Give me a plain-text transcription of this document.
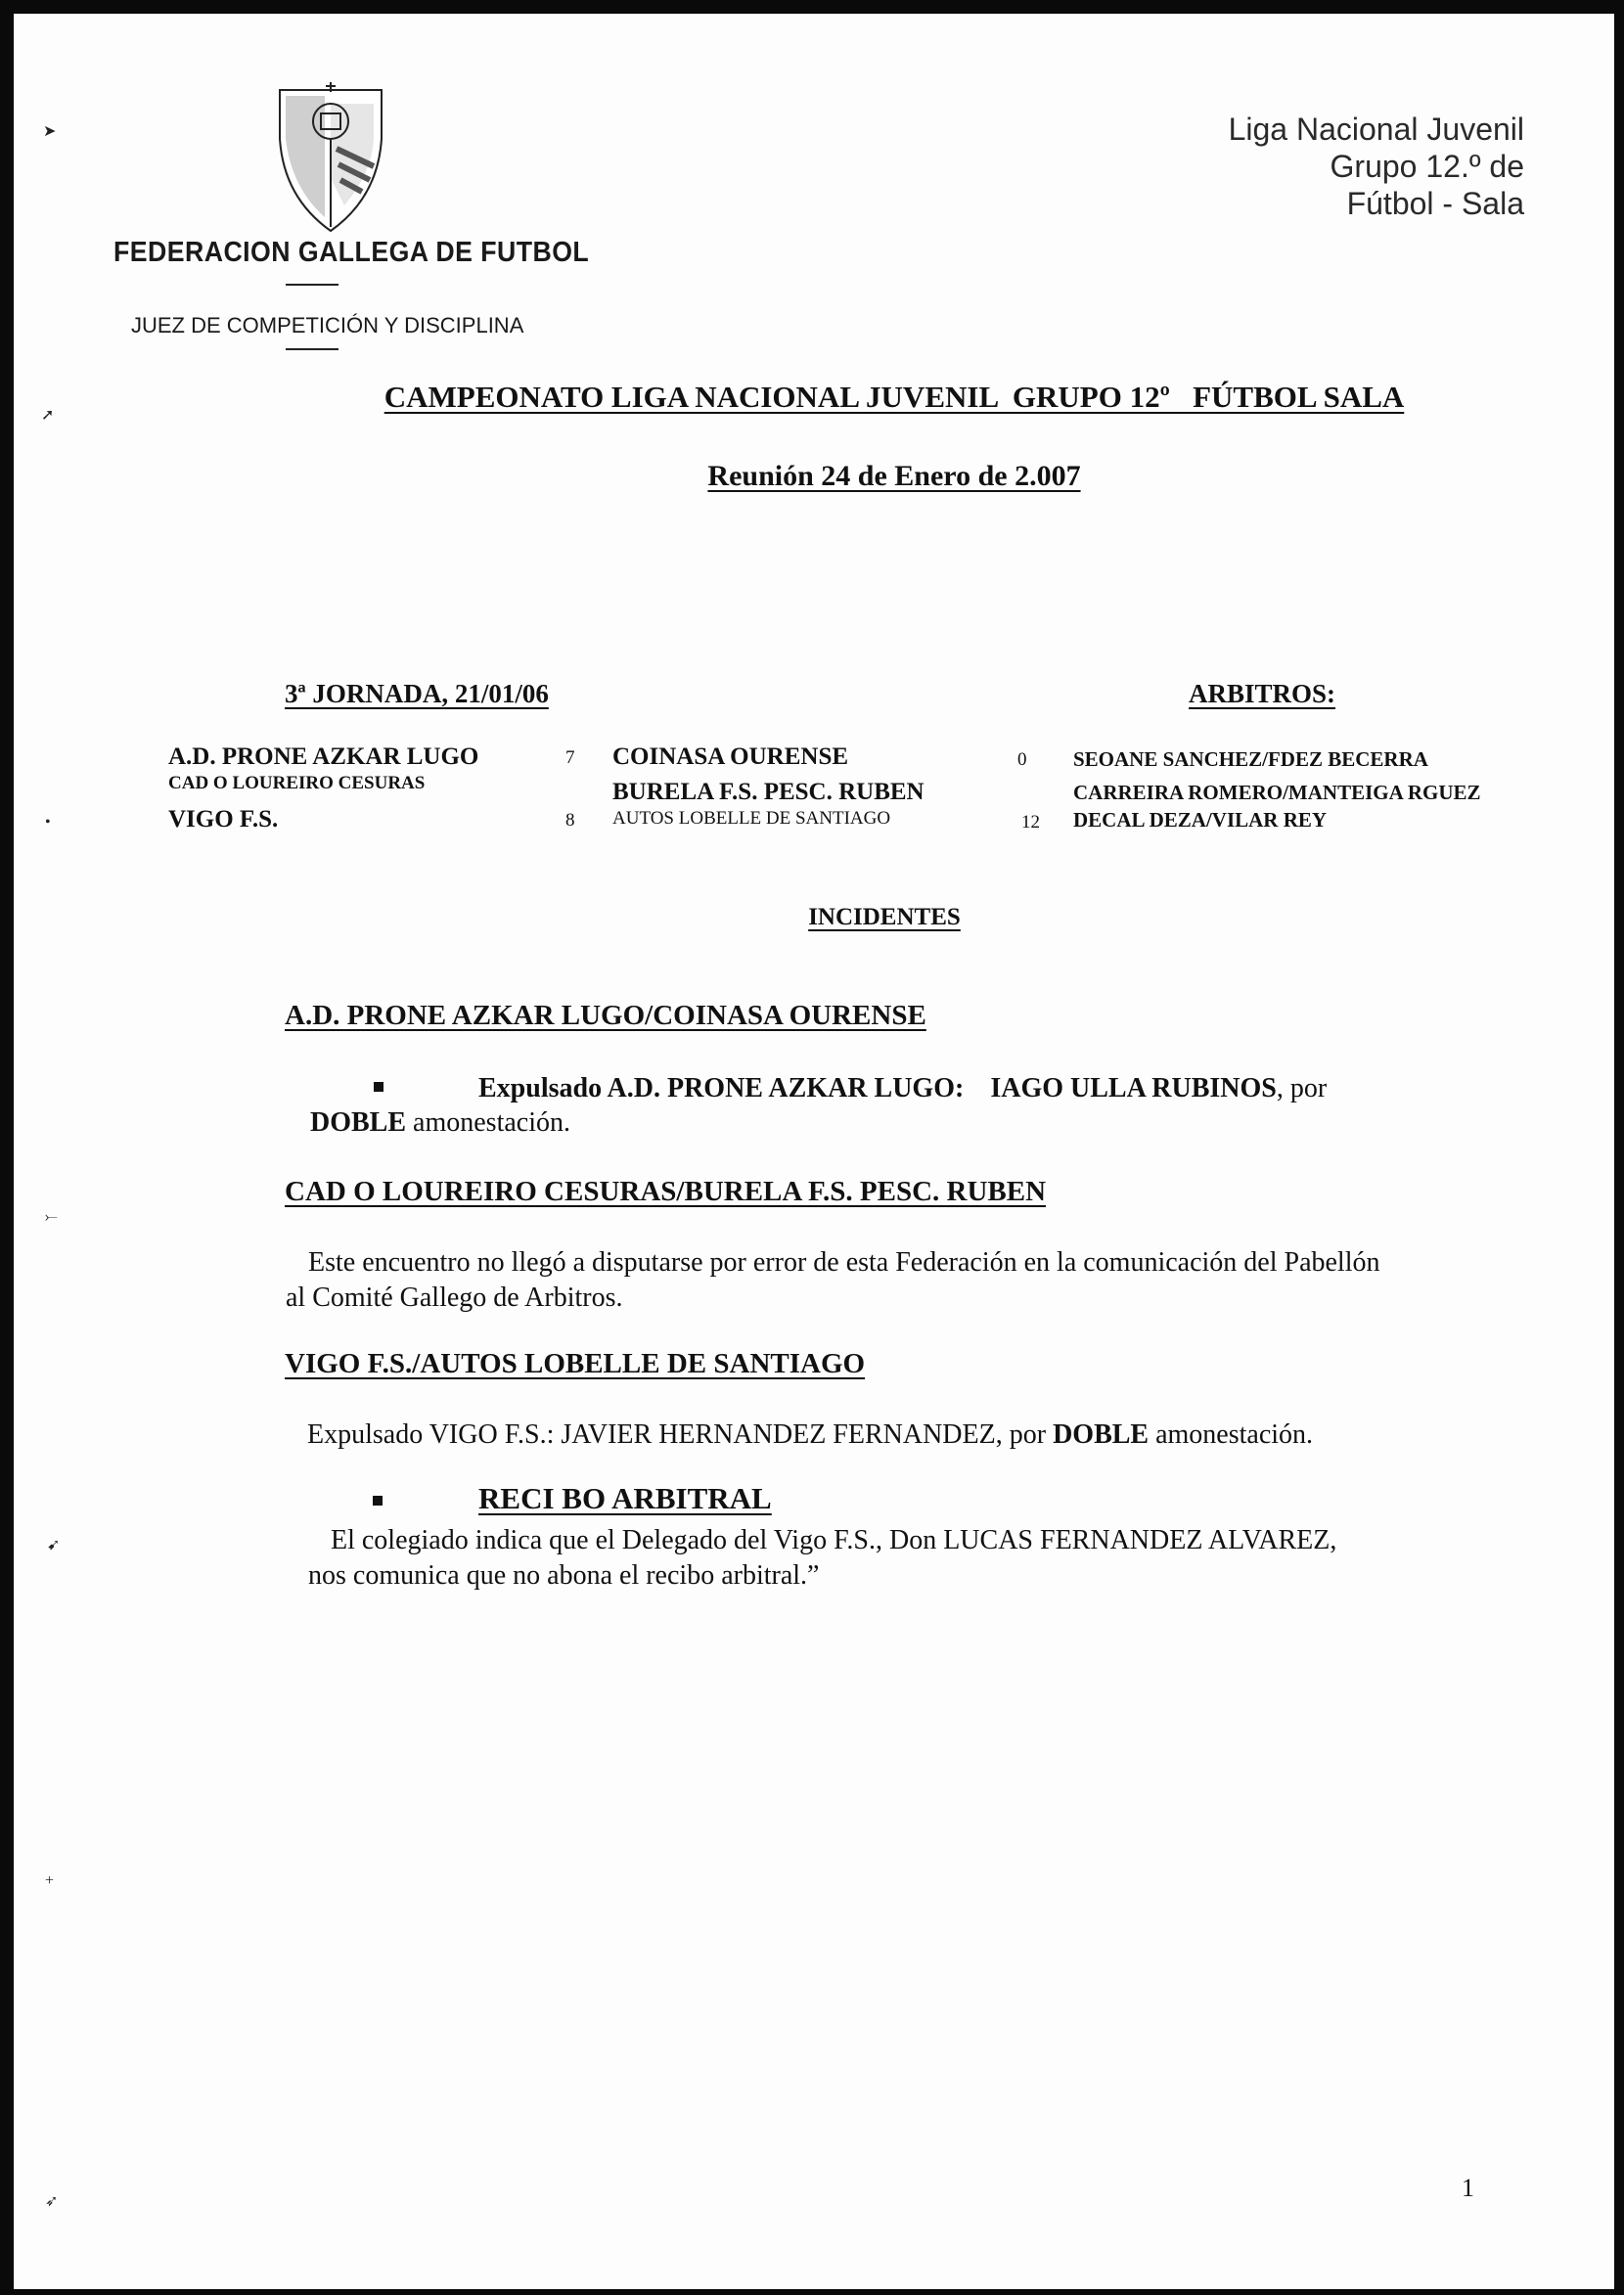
➤
➚
•
⤚
➹
+
➶
FEDERACION GALLEGA DE FUTBOL
JUEZ DE COMPETICIÓN Y DISCIPLINA
Liga Nacional Juvenil
Grupo 12.º de
Fútbol - Sala
CAMPEONATO LIGA NACIONAL JUVENIL  GRUPO 12º   FÚTBOL SALA
Reunión 24 de Enero de 2.007
3ª JORNADA, 21/01/06	ARBITROS:
A.D. PRONE AZKAR LUGO	7 COINASA OURENSE	0 SEOANE SANCHEZ/FDEZ BECERRA
CAD O LOUREIRO CESURAS	BURELA F.S. PESC. RUBEN	CARREIRA ROMERO/MANTEIGA RGUEZ
VIGO F.S.	8 AUTOS LOBELLE DE SANTIAGO	12 DECAL DEZA/VILAR REY
INCIDENTES
A.D. PRONE AZKAR LUGO/COINASA OURENSE
Expulsado A.D. PRONE AZKAR LUGO: IAGO ULLA RUBINOS, por
DOBLE amonestación.
CAD O LOUREIRO CESURAS/BURELA F.S. PESC. RUBEN
Este encuentro no llegó a disputarse por error de esta Federación en la comunicación del Pabellón
al Comité Gallego de Arbitros.
VIGO F.S./AUTOS LOBELLE DE SANTIAGO
Expulsado VIGO F.S.: JAVIER HERNANDEZ FERNANDEZ, por DOBLE amonestación.
RECI BO ARBITRAL
El colegiado indica que el Delegado del Vigo F.S., Don LUCAS FERNANDEZ ALVAREZ,
nos comunica que no abona el recibo arbitral.”
1
